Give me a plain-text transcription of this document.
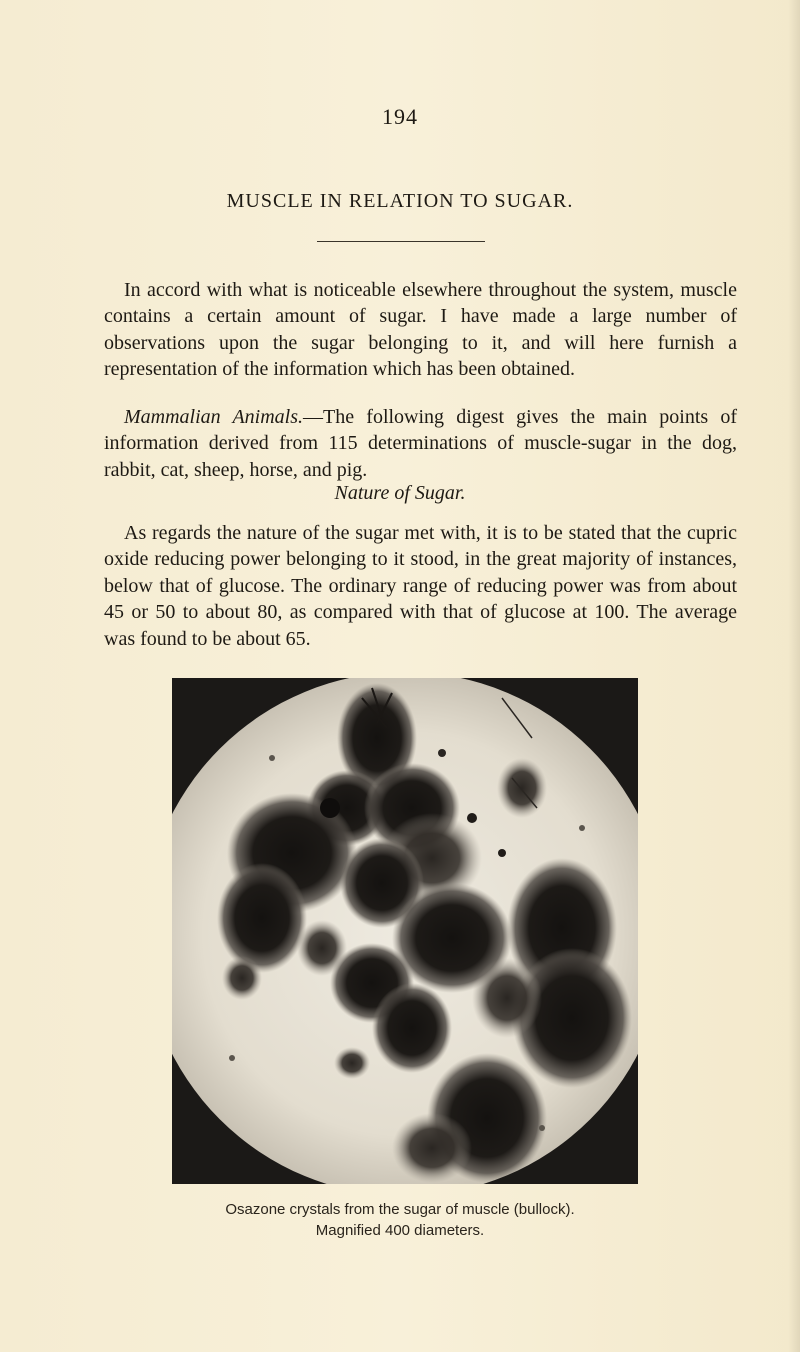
194
MUSCLE IN RELATION TO SUGAR.

In accord with what is noticeable elsewhere throughout the system, muscle contains a certain amount of sugar. I have made a large number of observations upon the sugar belonging to it, and will here furnish a representation of the information which has been obtained.

Mammalian Animals.—The following digest gives the main points of information derived from 115 determinations of muscle-sugar in the dog, rabbit, cat, sheep, horse, and pig.

Nature of Sugar.

As regards the nature of the sugar met with, it is to be stated that the cupric oxide reducing power belonging to it stood, in the great majority of instances, below that of glucose. The ordinary range of reducing power was from about 45 or 50 to about 80, as compared with that of glucose at 100. The average was found to be about 65.

Osazone crystals from the sugar of muscle (bullock).
Magnified 400 diameters.
